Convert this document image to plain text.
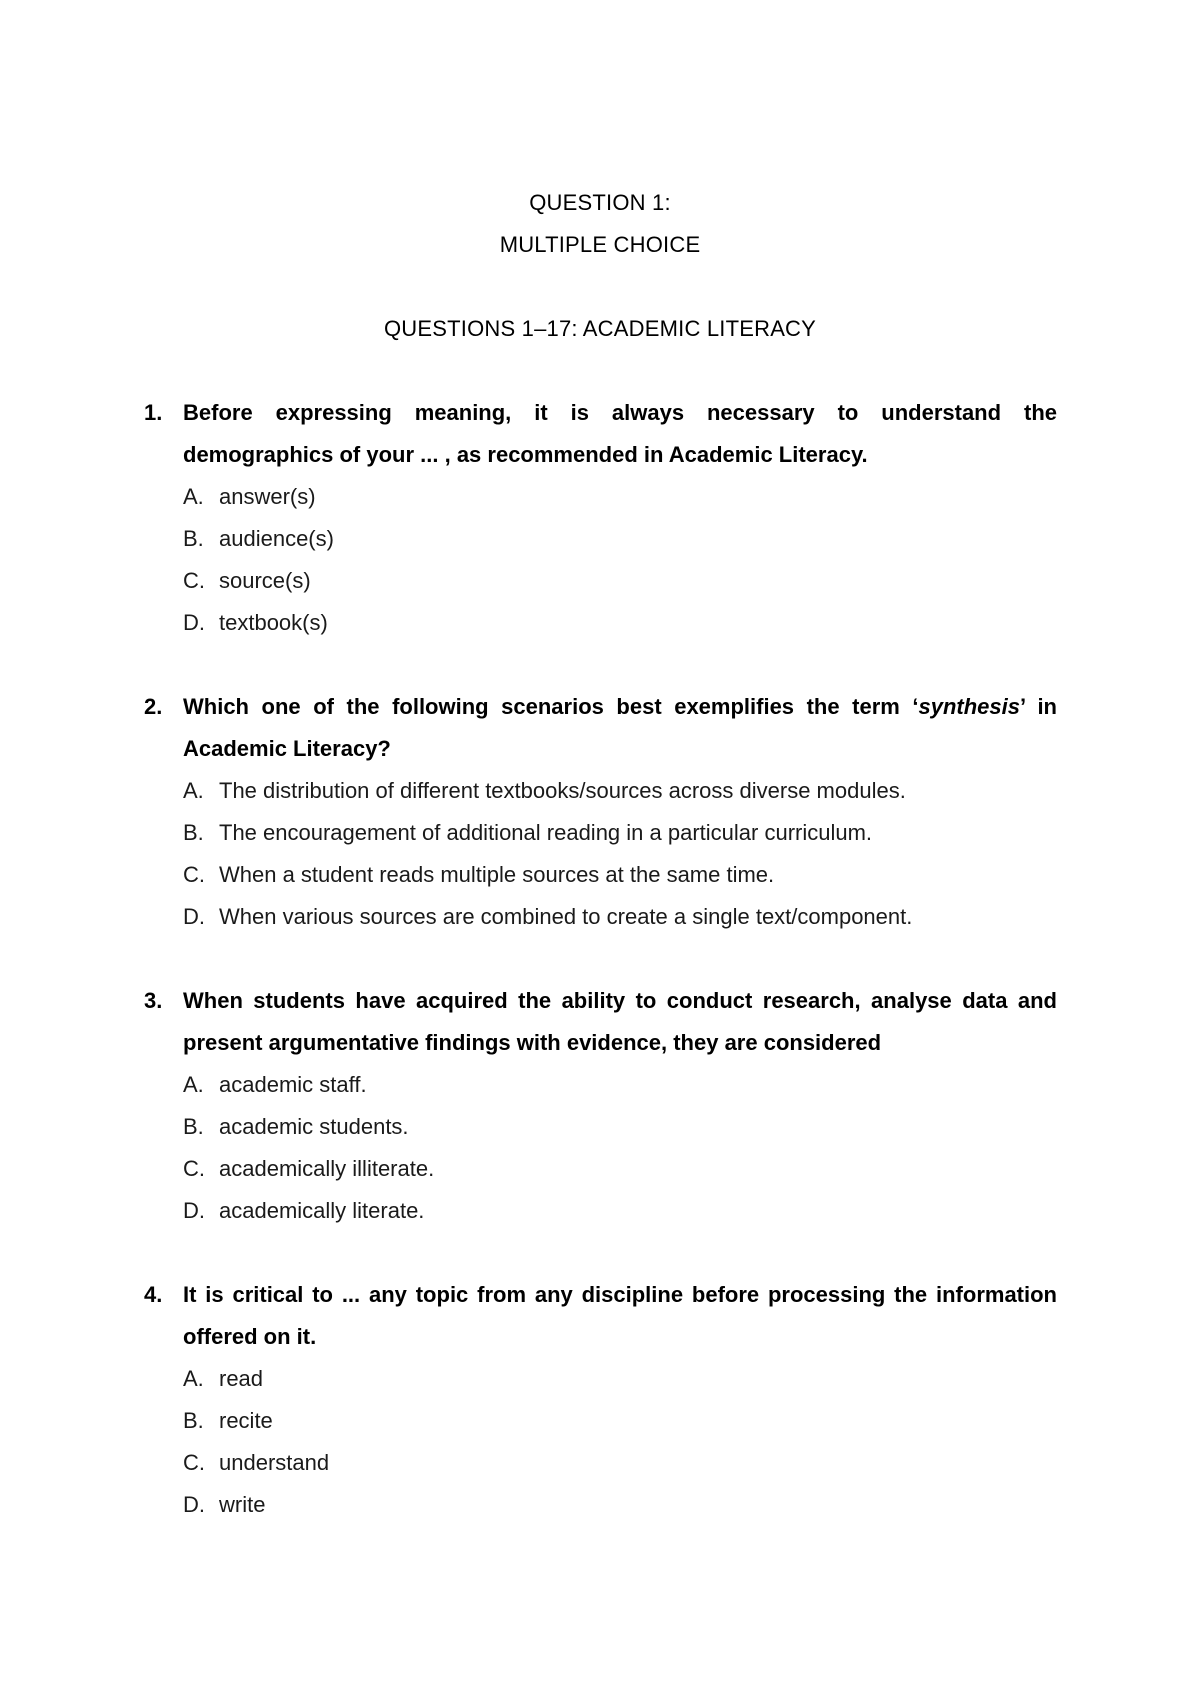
QUESTION 1:
MULTIPLE CHOICE
QUESTIONS 1–17: ACADEMIC LITERACY
1. Before expressing meaning, it is always necessary to understand the demographics of your ... , as recommended in Academic Literacy.
A. answer(s)
B. audience(s)
C. source(s)
D. textbook(s)
2. Which one of the following scenarios best exemplifies the term ‘synthesis’ in Academic Literacy?
A. The distribution of different textbooks/sources across diverse modules.
B. The encouragement of additional reading in a particular curriculum.
C. When a student reads multiple sources at the same time.
D. When various sources are combined to create a single text/component.
3. When students have acquired the ability to conduct research, analyse data and present argumentative findings with evidence, they are considered
A. academic staff.
B. academic students.
C. academically illiterate.
D. academically literate.
4. It is critical to ... any topic from any discipline before processing the information offered on it.
A. read
B. recite
C. understand
D. write
